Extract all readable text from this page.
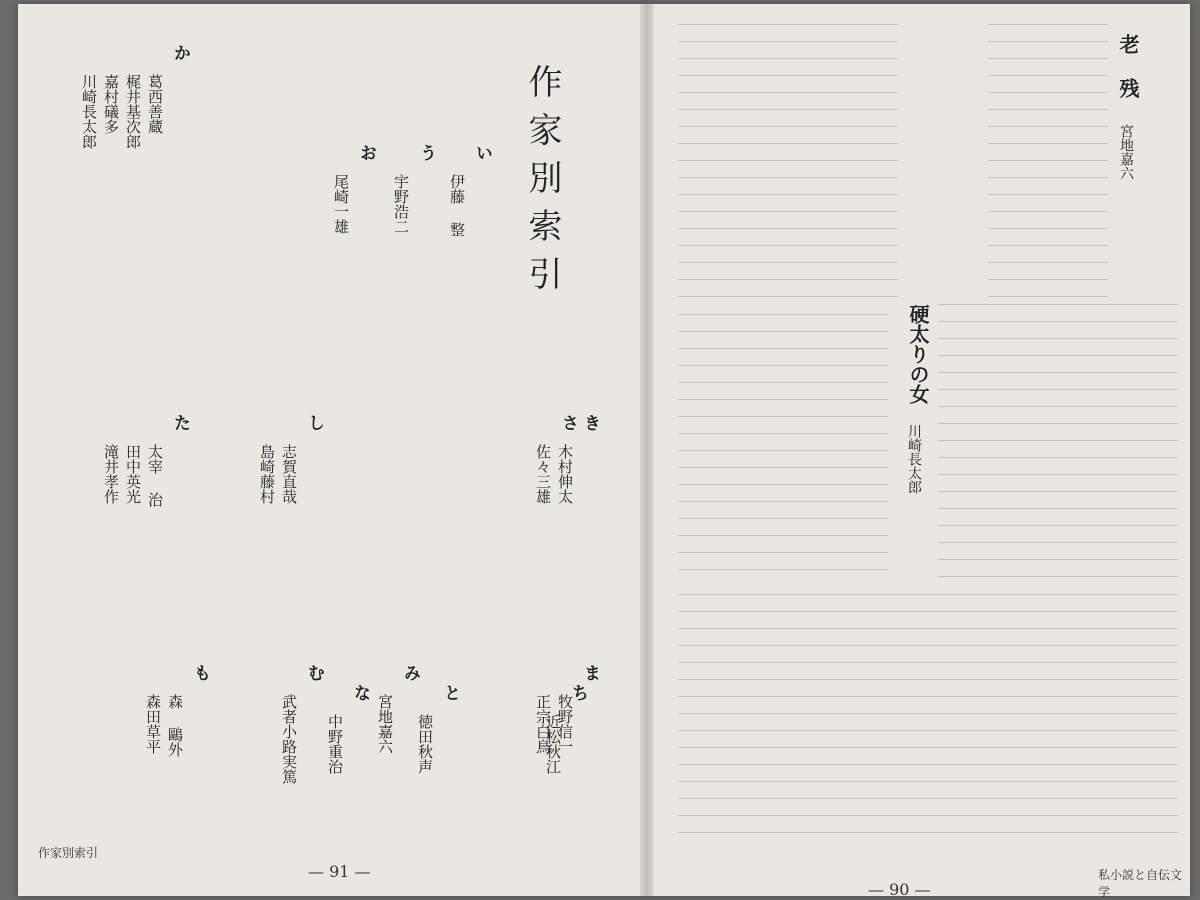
作家別索引
い
伊藤 整
う
宇野浩二
お
尾崎一雄
か
葛西善蔵
梶井基次郎
嘉村礒多
川崎長太郎
き
木村伸太
さ
佐々三雄
し
志賀直哉
島崎藤村
た
太宰 治
田中英光
滝井孝作
ち
近松秋江
と
徳田秋声
な
中野重治
ま
牧野信一
正宗白鳥
み
宮地嘉六
む
武者小路実篤
も
森 鷗外
森田草平
作家別索引
— 91 —
老 残
宮地嘉六
硬太りの女
川崎長太郎
私小説と自伝文学
— 90 —
